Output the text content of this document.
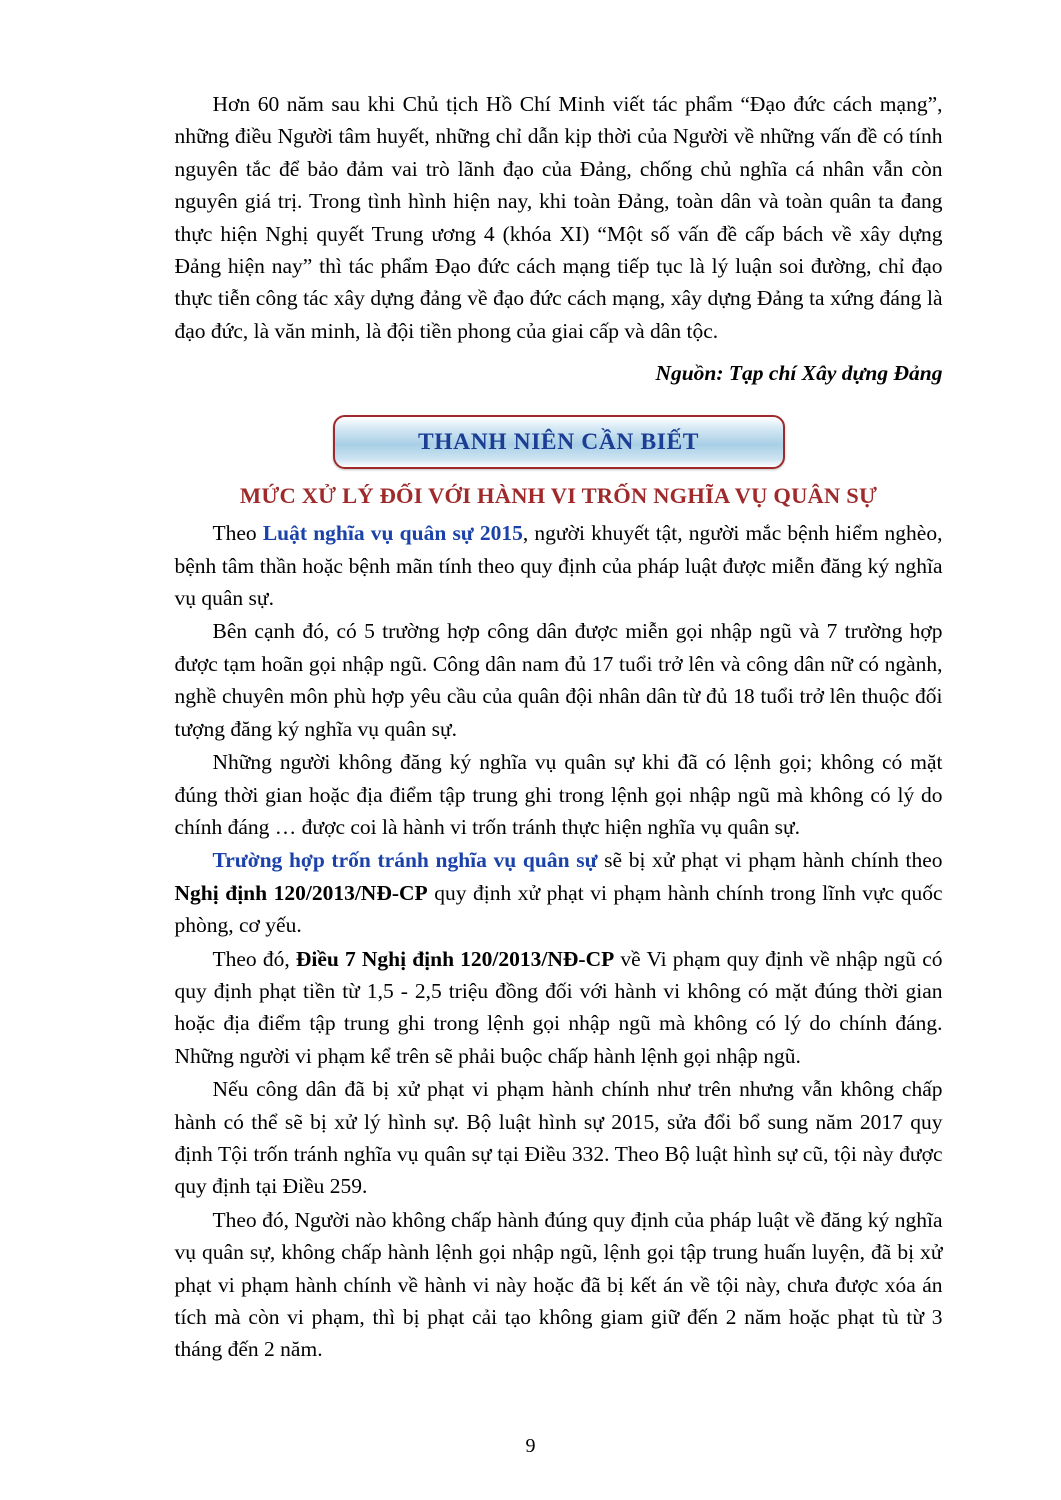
Hơn 60 năm sau khi Chủ tịch Hồ Chí Minh viết tác phẩm “Đạo đức cách mạng”, những điều Người tâm huyết, những chỉ dẫn kịp thời của Người về những vấn đề có tính nguyên tắc để bảo đảm vai trò lãnh đạo của Đảng, chống chủ nghĩa cá nhân vẫn còn nguyên giá trị. Trong tình hình hiện nay, khi toàn Đảng, toàn dân và toàn quân ta đang thực hiện Nghị quyết Trung ương 4 (khóa XI) “Một số vấn đề cấp bách về xây dựng Đảng hiện nay” thì tác phẩm Đạo đức cách mạng tiếp tục là lý luận soi đường, chỉ đạo thực tiễn công tác xây dựng đảng về đạo đức cách mạng, xây dựng Đảng ta xứng đáng là đạo đức, là văn minh, là đội tiền phong của giai cấp và dân tộc.

Nguồn: Tạp chí Xây dựng Đảng

THANH NIÊN CẦN BIẾT
MỨC XỬ LÝ ĐỐI VỚI HÀNH VI TRỐN NGHĨA VỤ QUÂN SỰ

Theo Luật nghĩa vụ quân sự 2015, người khuyết tật, người mắc bệnh hiểm nghèo, bệnh tâm thần hoặc bệnh mãn tính theo quy định của pháp luật được miễn đăng ký nghĩa vụ quân sự.

Bên cạnh đó, có 5 trường hợp công dân được miễn gọi nhập ngũ và 7 trường hợp được tạm hoãn gọi nhập ngũ. Công dân nam đủ 17 tuổi trở lên và công dân nữ có ngành, nghề chuyên môn phù hợp yêu cầu của quân đội nhân dân từ đủ 18 tuổi trở lên thuộc đối tượng đăng ký nghĩa vụ quân sự.

Những người không đăng ký nghĩa vụ quân sự khi đã có lệnh gọi; không có mặt đúng thời gian hoặc địa điểm tập trung ghi trong lệnh gọi nhập ngũ mà không có lý do chính đáng … được coi là hành vi trốn tránh thực hiện nghĩa vụ quân sự.

Trường hợp trốn tránh nghĩa vụ quân sự sẽ bị xử phạt vi phạm hành chính theo Nghị định 120/2013/NĐ-CP quy định xử phạt vi phạm hành chính trong lĩnh vực quốc phòng, cơ yếu.

Theo đó, Điều 7 Nghị định 120/2013/NĐ-CP về Vi phạm quy định về nhập ngũ có quy định phạt tiền từ 1,5 - 2,5 triệu đồng đối với hành vi không có mặt đúng thời gian hoặc địa điểm tập trung ghi trong lệnh gọi nhập ngũ mà không có lý do chính đáng. Những người vi phạm kể trên sẽ phải buộc chấp hành lệnh gọi nhập ngũ.

Nếu công dân đã bị xử phạt vi phạm hành chính như trên nhưng vẫn không chấp hành có thể sẽ bị xử lý hình sự. Bộ luật hình sự 2015, sửa đổi bổ sung năm 2017 quy định Tội trốn tránh nghĩa vụ quân sự tại Điều 332. Theo Bộ luật hình sự cũ, tội này được quy định tại Điều 259.

Theo đó, Người nào không chấp hành đúng quy định của pháp luật về đăng ký nghĩa vụ quân sự, không chấp hành lệnh gọi nhập ngũ, lệnh gọi tập trung huấn luyện, đã bị xử phạt vi phạm hành chính về hành vi này hoặc đã bị kết án về tội này, chưa được xóa án tích mà còn vi phạm, thì bị phạt cải tạo không giam giữ đến 2 năm hoặc phạt tù từ 3 tháng đến 2 năm.

9
